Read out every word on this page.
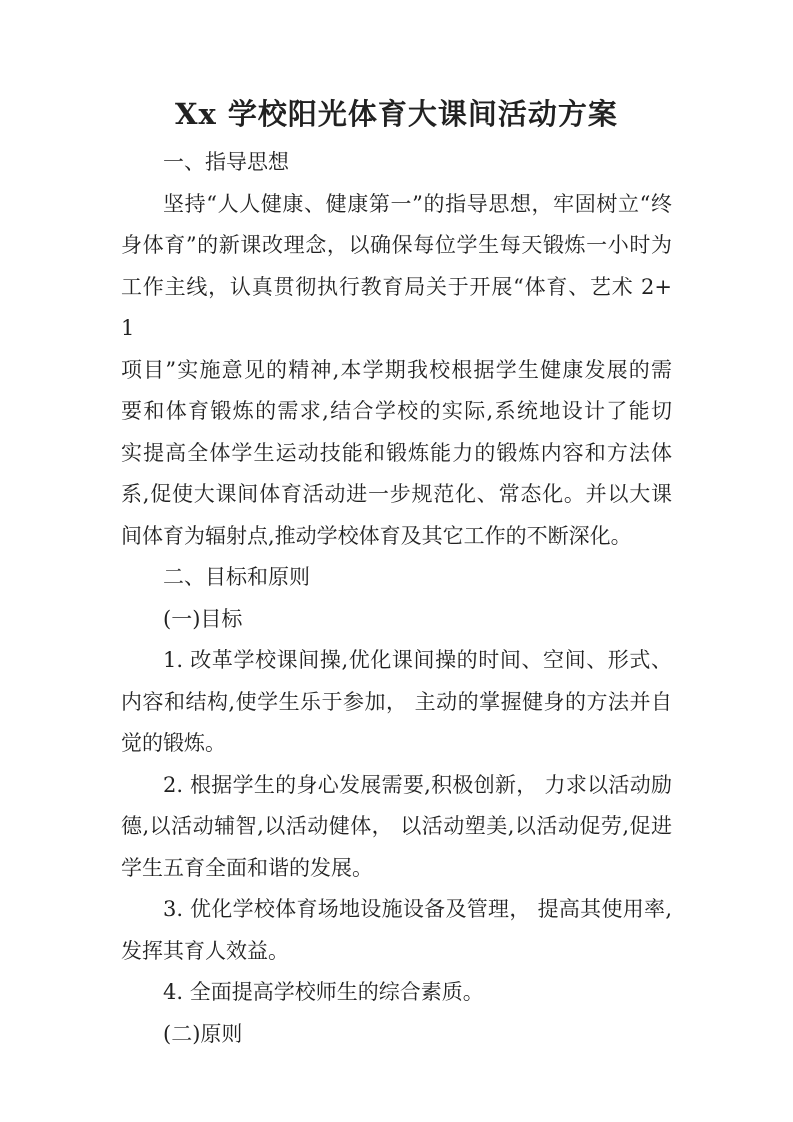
Xx 学校阳光体育大课间活动方案
一、指导思想
坚持“人人健康、健康第一”的指导思想，牢固树立“终
身体育”的新课改理念，以确保每位学生每天锻炼一小时为
工作主线，认真贯彻执行教育局关于开展“体育、艺术 2+ 1
项目”实施意见的精神,本学期我校根据学生健康发展的需
要和体育锻炼的需求,结合学校的实际,系统地设计了能切
实提高全体学生运动技能和锻炼能力的锻炼内容和方法体
系,促使大课间体育活动进一步规范化、常态化。并以大课
间体育为辐射点,推动学校体育及其它工作的不断深化。
二、目标和原则
(一)目标
1. 改革学校课间操,优化课间操的时间、空间、形式、
内容和结构,使学生乐于参加， 主动的掌握健身的方法并自
觉的锻炼。
2. 根据学生的身心发展需要,积极创新， 力求以活动励
德,以活动辅智,以活动健体， 以活动塑美,以活动促劳,促进
学生五育全面和谐的发展。
3. 优化学校体育场地设施设备及管理， 提高其使用率,
发挥其育人效益。
4. 全面提高学校师生的综合素质。
(二)原则
